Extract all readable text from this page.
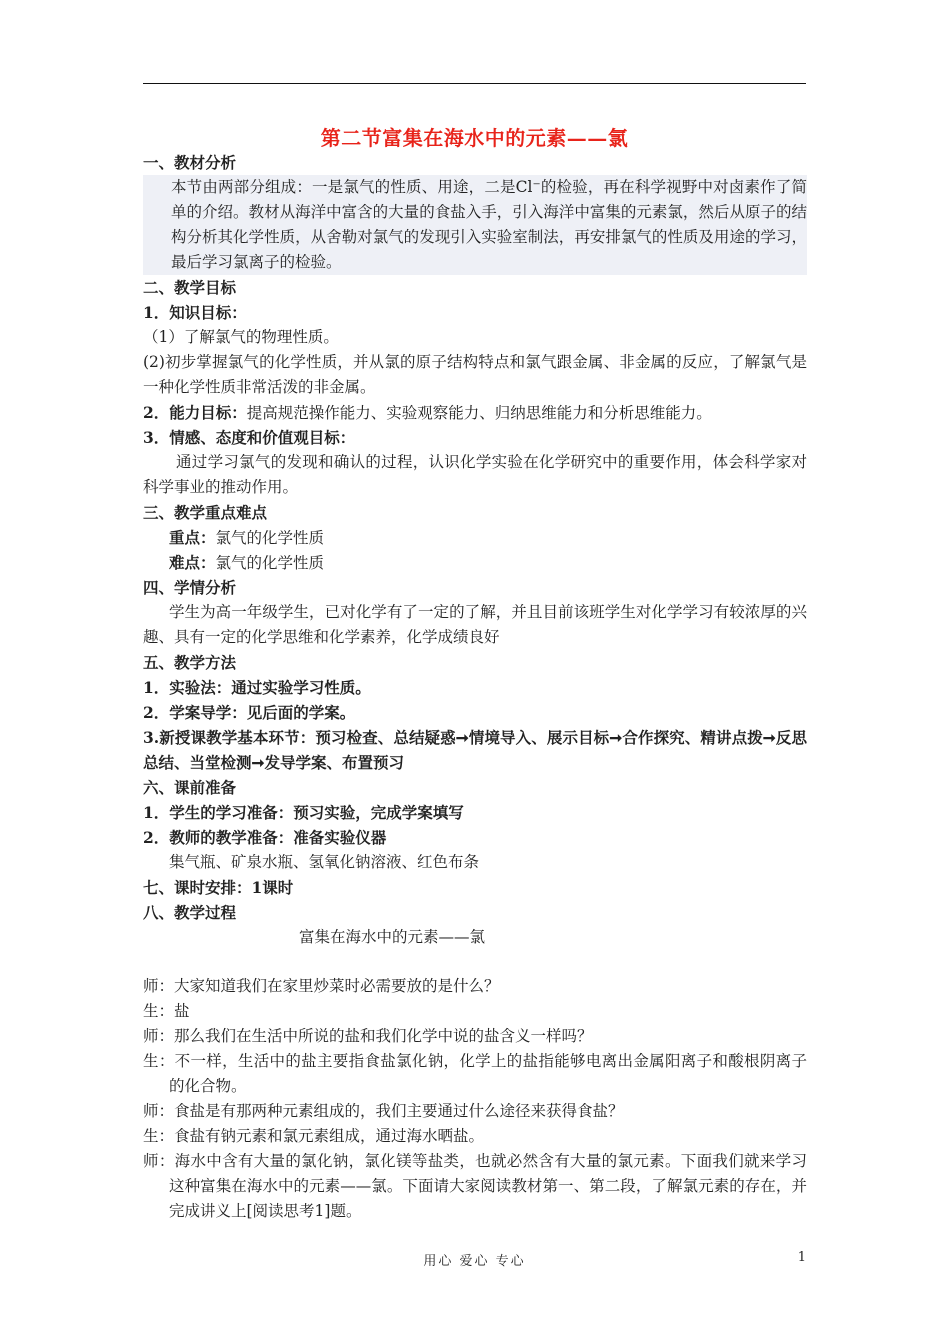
第二节富集在海水中的元素——氯
一、教材分析
本节由两部分组成：一是氯气的性质、用途，二是Cl⁻的检验，再在科学视野中对卤素作了简单的介绍。教材从海洋中富含的大量的食盐入手，引入海洋中富集的元素氯，然后从原子的结构分析其化学性质，从舍勒对氯气的发现引入实验室制法，再安排氯气的性质及用途的学习，最后学习氯离子的检验。
二、教学目标
1．知识目标：
（1）了解氯气的物理性质。
(2)初步掌握氯气的化学性质，并从氯的原子结构特点和氯气跟金属、非金属的反应，了解氯气是一种化学性质非常活泼的非金属。
2．能力目标：提高规范操作能力、实验观察能力、归纳思维能力和分析思维能力。
3．情感、态度和价值观目标：
通过学习氯气的发现和确认的过程，认识化学实验在化学研究中的重要作用，体会科学家对科学事业的推动作用。
三、教学重点难点
重点：氯气的化学性质
难点：氯气的化学性质
四、学情分析
学生为高一年级学生，已对化学有了一定的了解，并且目前该班学生对化学学习有较浓厚的兴趣、具有一定的化学思维和化学素养，化学成绩良好
五、教学方法
1．实验法：通过实验学习性质。
2．学案导学：见后面的学案。
3.新授课教学基本环节：预习检查、总结疑惑➞情境导入、展示目标➞合作探究、精讲点拨➞反思总结、当堂检测➞发导学案、布置预习
六、课前准备
1．学生的学习准备：预习实验，完成学案填写
2．教师的教学准备：准备实验仪器
集气瓶、矿泉水瓶、氢氧化钠溶液、红色布条
七、课时安排：1课时
八、教学过程
富集在海水中的元素——氯
师：大家知道我们在家里炒菜时必需要放的是什么？
生：盐
师：那么我们在生活中所说的盐和我们化学中说的盐含义一样吗？
生：不一样，生活中的盐主要指食盐氯化钠，化学上的盐指能够电离出金属阳离子和酸根阴离子的化合物。
师：食盐是有那两种元素组成的，我们主要通过什么途径来获得食盐？
生：食盐有钠元素和氯元素组成，通过海水晒盐。
师：海水中含有大量的氯化钠，氯化镁等盐类，也就必然含有大量的氯元素。下面我们就来学习这种富集在海水中的元素——氯。下面请大家阅读教材第一、第二段，了解氯元素的存在，并完成讲义上[阅读思考1]题。
用心 爱心 专心	1
